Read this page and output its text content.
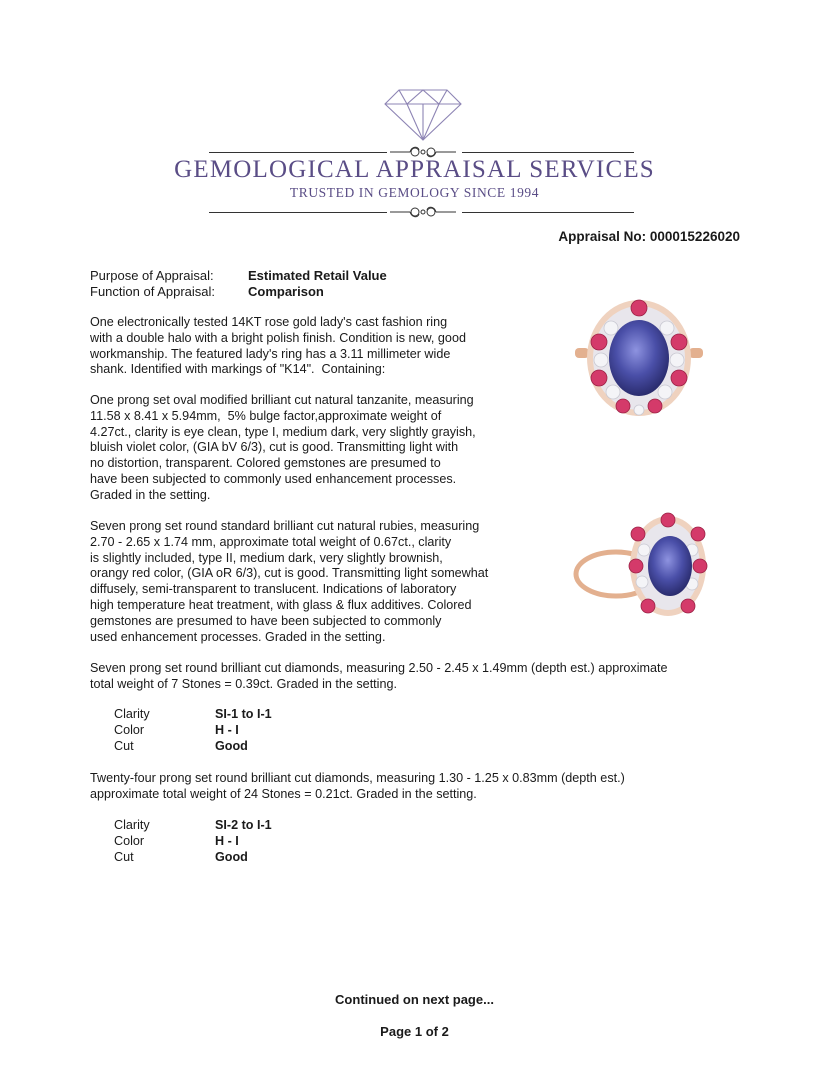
GEMOLOGICAL APPRAISAL SERVICES
TRUSTED IN GEMOLOGY SINCE 1994
Appraisal No: 000015226020
Purpose of Appraisal:	Estimated Retail Value
Function of Appraisal:	Comparison
One electronically tested 14KT rose gold lady's cast fashion ring
with a double halo with a bright polish finish. Condition is new, good
workmanship. The featured lady's ring has a 3.11 millimeter wide
shank. Identified with markings of "K14".  Containing:
One prong set oval modified brilliant cut natural tanzanite, measuring
11.58 x 8.41 x 5.94mm,  5% bulge factor,approximate weight of
4.27ct., clarity is eye clean, type I, medium dark, very slightly grayish,
bluish violet color, (GIA bV 6/3), cut is good. Transmitting light with
no distortion, transparent. Colored gemstones are presumed to
have been subjected to commonly used enhancement processes.
Graded in the setting.
Seven prong set round standard brilliant cut natural rubies, measuring
2.70 - 2.65 x 1.74 mm, approximate total weight of 0.67ct., clarity
is slightly included, type II, medium dark, very slightly brownish,
orangy red color, (GIA oR 6/3), cut is good. Transmitting light somewhat
diffusely, semi-transparent to translucent. Indications of laboratory
high temperature heat treatment, with glass & flux additives. Colored
gemstones are presumed to have been subjected to commonly
used enhancement processes. Graded in the setting.
Seven prong set round brilliant cut diamonds, measuring 2.50 - 2.45 x 1.49mm (depth est.) approximate
total weight of 7 Stones = 0.39ct. Graded in the setting.
Clarity	SI-1 to I-1
Color	H - I
Cut	Good
Twenty-four prong set round brilliant cut diamonds, measuring 1.30 - 1.25 x 0.83mm (depth est.)
approximate total weight of 24 Stones = 0.21ct. Graded in the setting.
Clarity	SI-2 to I-1
Color	H - I
Cut	Good
Continued on next page...
Page 1 of 2
